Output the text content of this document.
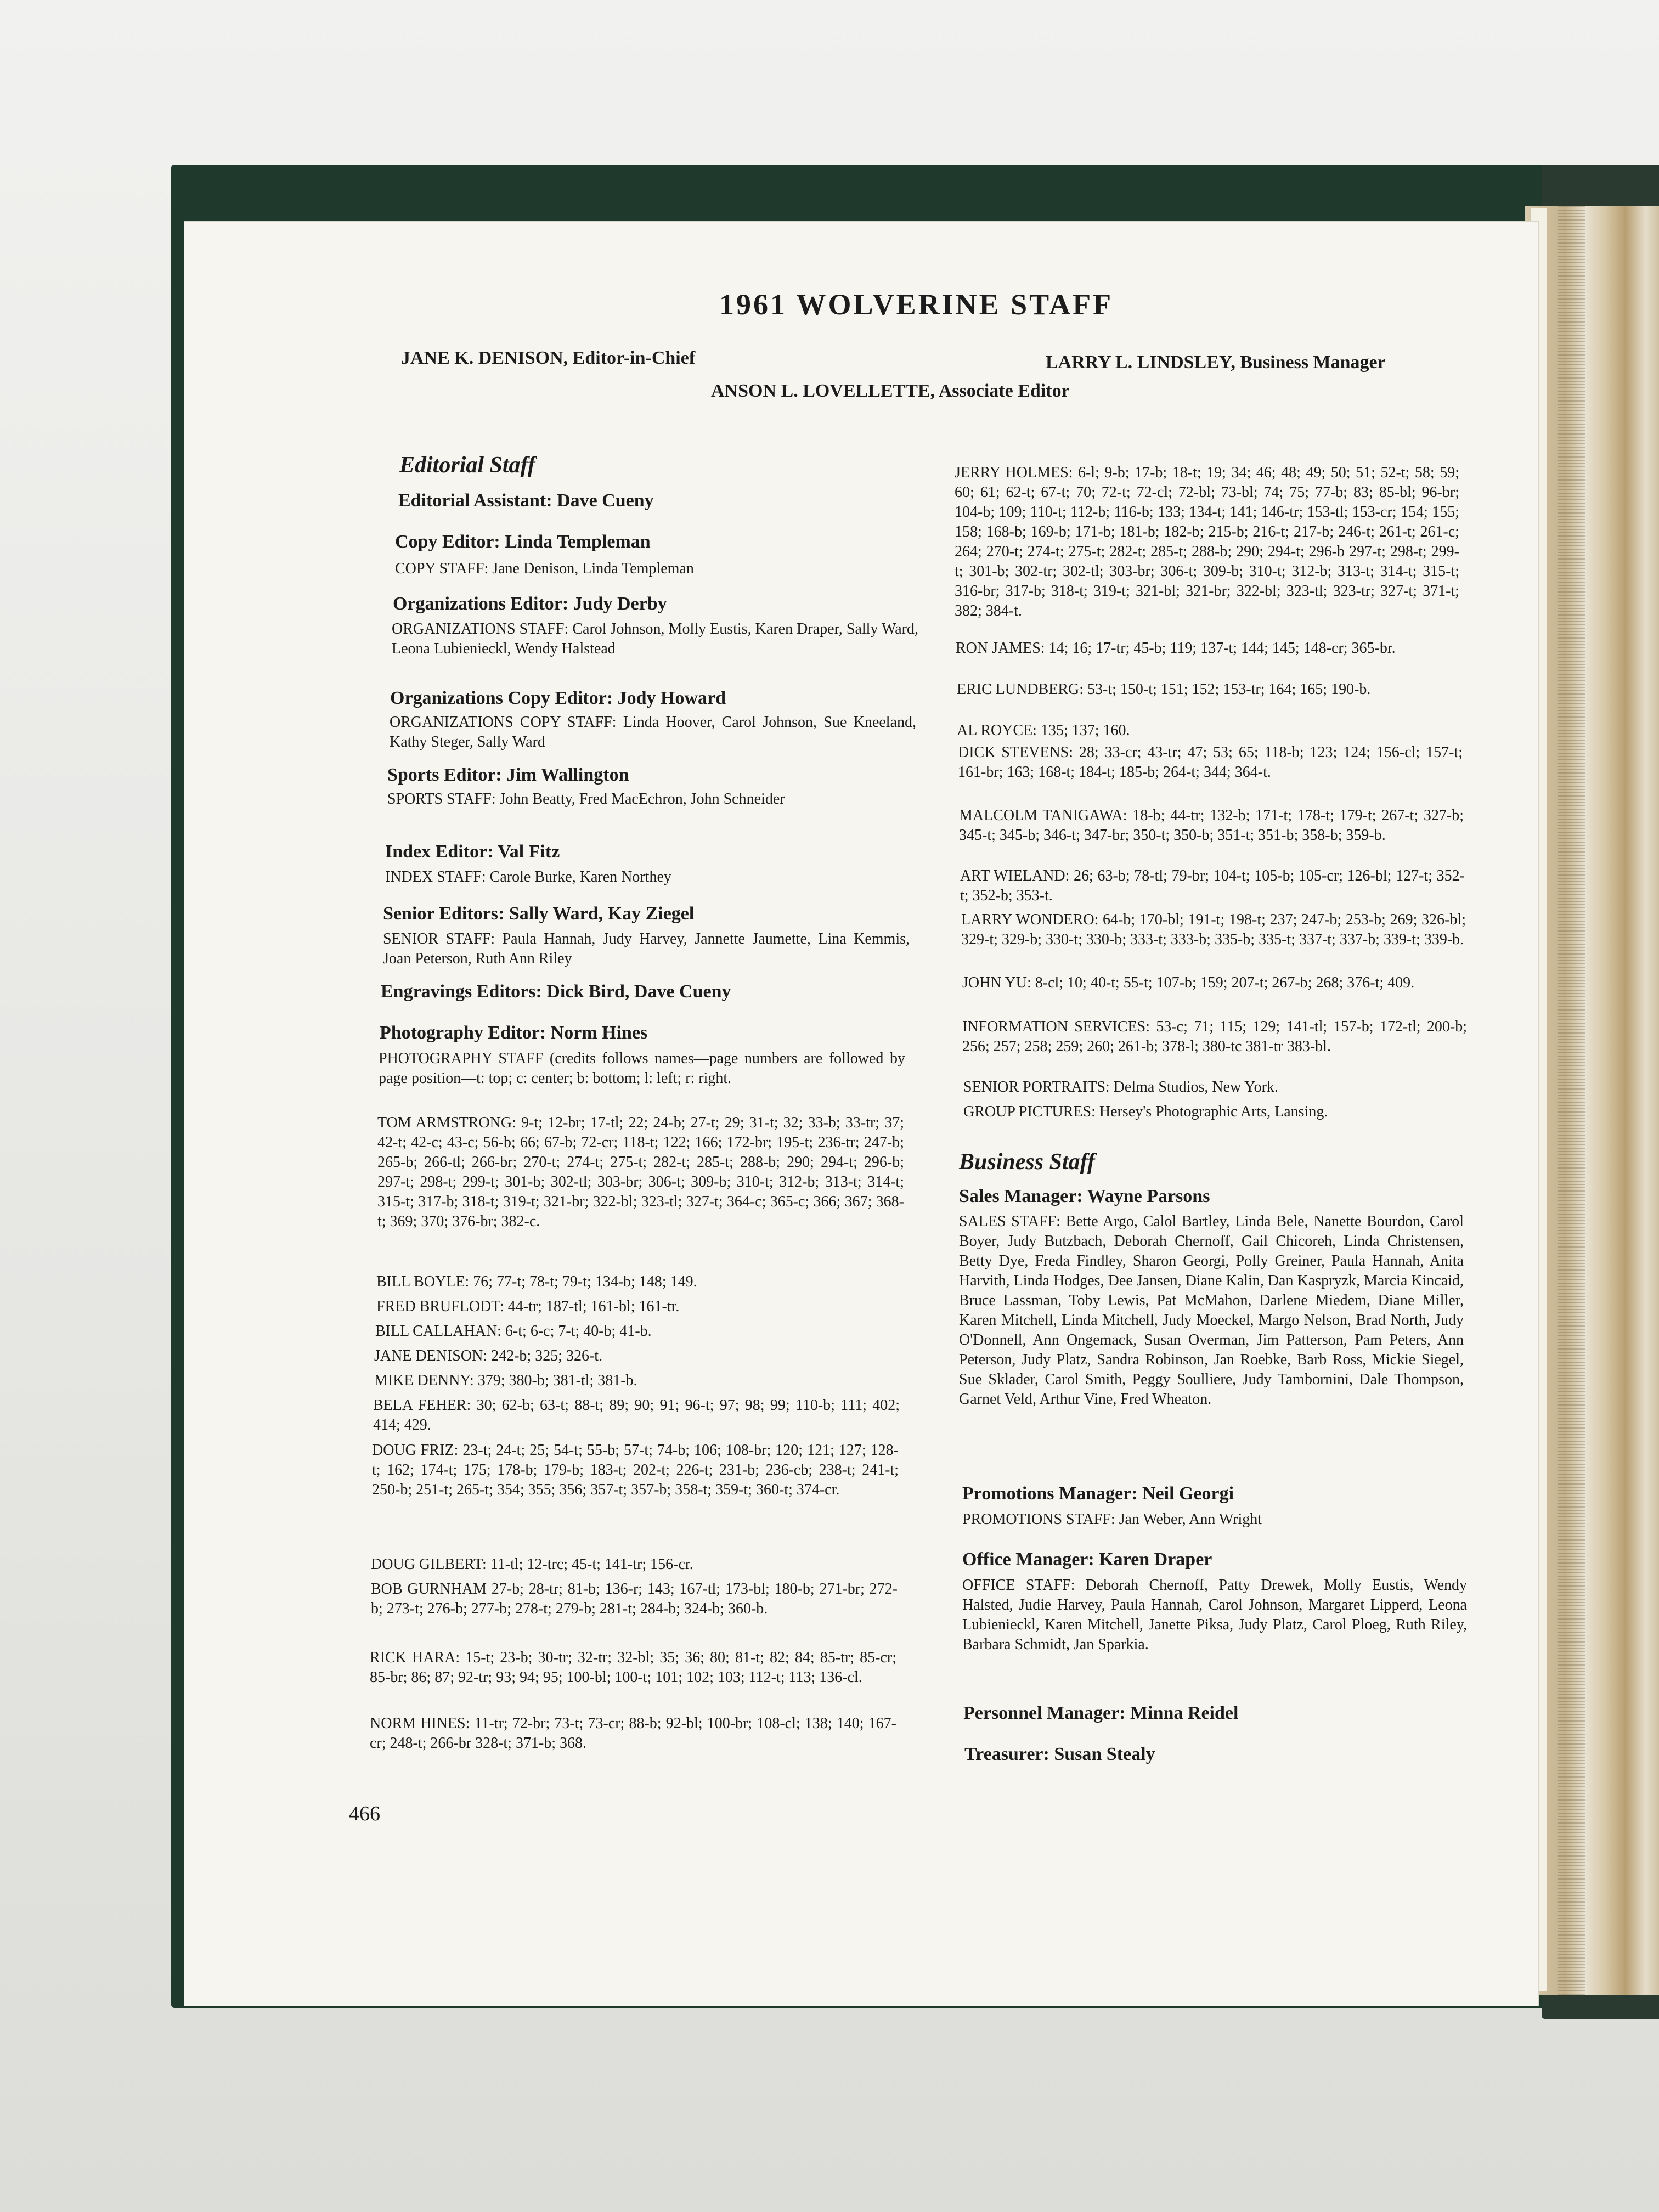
1961 WOLVERINE STAFF
JANE K. DENISON, Editor-in-Chief	LARRY L. LINDSLEY, Business Manager
ANSON L. LOVELLETTE, Associate Editor
Editorial Staff
Editorial Assistant: Dave Cueny
Copy Editor: Linda Templeman
COPY STAFF: Jane Denison, Linda Templeman
Organizations Editor: Judy Derby
ORGANIZATIONS STAFF: Carol Johnson, Molly Eustis, Karen Draper, Sally Ward, Leona Lubienieckl, Wendy Halstead
Organizations Copy Editor: Jody Howard
ORGANIZATIONS COPY STAFF: Linda Hoover, Carol Johnson, Sue Kneeland, Kathy Steger, Sally Ward
Sports Editor: Jim Wallington
SPORTS STAFF: John Beatty, Fred MacEchron, John Schneider
Index Editor: Val Fitz
INDEX STAFF: Carole Burke, Karen Northey
Senior Editors: Sally Ward, Kay Ziegel
SENIOR STAFF: Paula Hannah, Judy Harvey, Jannette Jaumette, Lina Kemmis, Joan Peterson, Ruth Ann Riley
Engravings Editors: Dick Bird, Dave Cueny
Photography Editor: Norm Hines
PHOTOGRAPHY STAFF (credits follows names—page numbers are followed by page position—t: top; c: center; b: bottom; l: left; r: right.
TOM ARMSTRONG: 9-t; 12-br; 17-tl; 22; 24-b; 27-t; 29; 31-t; 32; 33-b; 33-tr; 37; 42-t; 42-c; 43-c; 56-b; 66; 67-b; 72-cr; 118-t; 122; 166; 172-br; 195-t; 236-tr; 247-b; 265-b; 266-tl; 266-br; 270-t; 274-t; 275-t; 282-t; 285-t; 288-b; 290; 294-t; 296-b; 297-t; 298-t; 299-t; 301-b; 302-tl; 303-br; 306-t; 309-b; 310-t; 312-b; 313-t; 314-t; 315-t; 317-b; 318-t; 319-t; 321-br; 322-bl; 323-tl; 327-t; 364-c; 365-c; 366; 367; 368-t; 369; 370; 376-br; 382-c.
BILL BOYLE: 76; 77-t; 78-t; 79-t; 134-b; 148; 149.
FRED BRUFLODT: 44-tr; 187-tl; 161-bl; 161-tr.
BILL CALLAHAN: 6-t; 6-c; 7-t; 40-b; 41-b.
JANE DENISON: 242-b; 325; 326-t.
MIKE DENNY: 379; 380-b; 381-tl; 381-b.
BELA FEHER: 30; 62-b; 63-t; 88-t; 89; 90; 91; 96-t; 97; 98; 99; 110-b; 111; 402; 414; 429.
DOUG FRIZ: 23-t; 24-t; 25; 54-t; 55-b; 57-t; 74-b; 106; 108-br; 120; 121; 127; 128-t; 162; 174-t; 175; 178-b; 179-b; 183-t; 202-t; 226-t; 231-b; 236-cb; 238-t; 241-t; 250-b; 251-t; 265-t; 354; 355; 356; 357-t; 357-b; 358-t; 359-t; 360-t; 374-cr.
DOUG GILBERT: 11-tl; 12-trc; 45-t; 141-tr; 156-cr.
BOB GURNHAM 27-b; 28-tr; 81-b; 136-r; 143; 167-tl; 173-bl; 180-b; 271-br; 272-b; 273-t; 276-b; 277-b; 278-t; 279-b; 281-t; 284-b; 324-b; 360-b.
RICK HARA: 15-t; 23-b; 30-tr; 32-tr; 32-bl; 35; 36; 80; 81-t; 82; 84; 85-tr; 85-cr; 85-br; 86; 87; 92-tr; 93; 94; 95; 100-bl; 100-t; 101; 102; 103; 112-t; 113; 136-cl.
NORM HINES: 11-tr; 72-br; 73-t; 73-cr; 88-b; 92-bl; 100-br; 108-cl; 138; 140; 167-cr; 248-t; 266-br 328-t; 371-b; 368.
466
JERRY HOLMES: 6-l; 9-b; 17-b; 18-t; 19; 34; 46; 48; 49; 50; 51; 52-t; 58; 59; 60; 61; 62-t; 67-t; 70; 72-t; 72-cl; 72-bl; 73-bl; 74; 75; 77-b; 83; 85-bl; 96-br; 104-b; 109; 110-t; 112-b; 116-b; 133; 134-t; 141; 146-tr; 153-tl; 153-cr; 154; 155; 158; 168-b; 169-b; 171-b; 181-b; 182-b; 215-b; 216-t; 217-b; 246-t; 261-t; 261-c; 264; 270-t; 274-t; 275-t; 282-t; 285-t; 288-b; 290; 294-t; 296-b 297-t; 298-t; 299-t; 301-b; 302-tr; 302-tl; 303-br; 306-t; 309-b; 310-t; 312-b; 313-t; 314-t; 315-t; 316-br; 317-b; 318-t; 319-t; 321-bl; 321-br; 322-bl; 323-tl; 323-tr; 327-t; 371-t; 382; 384-t.
RON JAMES: 14; 16; 17-tr; 45-b; 119; 137-t; 144; 145; 148-cr; 365-br.
ERIC LUNDBERG: 53-t; 150-t; 151; 152; 153-tr; 164; 165; 190-b.
AL ROYCE: 135; 137; 160.
DICK STEVENS: 28; 33-cr; 43-tr; 47; 53; 65; 118-b; 123; 124; 156-cl; 157-t; 161-br; 163; 168-t; 184-t; 185-b; 264-t; 344; 364-t.
MALCOLM TANIGAWA: 18-b; 44-tr; 132-b; 171-t; 178-t; 179-t; 267-t; 327-b; 345-t; 345-b; 346-t; 347-br; 350-t; 350-b; 351-t; 351-b; 358-b; 359-b.
ART WIELAND: 26; 63-b; 78-tl; 79-br; 104-t; 105-b; 105-cr; 126-bl; 127-t; 352-t; 352-b; 353-t.
LARRY WONDERO: 64-b; 170-bl; 191-t; 198-t; 237; 247-b; 253-b; 269; 326-bl; 329-t; 329-b; 330-t; 330-b; 333-t; 333-b; 335-b; 335-t; 337-t; 337-b; 339-t; 339-b.
JOHN YU: 8-cl; 10; 40-t; 55-t; 107-b; 159; 207-t; 267-b; 268; 376-t; 409.
INFORMATION SERVICES: 53-c; 71; 115; 129; 141-tl; 157-b; 172-tl; 200-b; 256; 257; 258; 259; 260; 261-b; 378-l; 380-tc 381-tr 383-bl.
SENIOR PORTRAITS: Delma Studios, New York.
GROUP PICTURES: Hersey's Photographic Arts, Lansing.
Business Staff
Sales Manager: Wayne Parsons
SALES STAFF: Bette Argo, Calol Bartley, Linda Bele, Nanette Bourdon, Carol Boyer, Judy Butzbach, Deborah Chernoff, Gail Chicoreh, Linda Christensen, Betty Dye, Freda Findley, Sharon Georgi, Polly Greiner, Paula Hannah, Anita Harvith, Linda Hodges, Dee Jansen, Diane Kalin, Dan Kaspryzk, Marcia Kincaid, Bruce Lassman, Toby Lewis, Pat McMahon, Darlene Miedem, Diane Miller, Karen Mitchell, Linda Mitchell, Judy Moeckel, Margo Nelson, Brad North, Judy O'Donnell, Ann Ongemack, Susan Overman, Jim Patterson, Pam Peters, Ann Peterson, Judy Platz, Sandra Robinson, Jan Roebke, Barb Ross, Mickie Siegel, Sue Sklader, Carol Smith, Peggy Soulliere, Judy Tambornini, Dale Thompson, Garnet Veld, Arthur Vine, Fred Wheaton.
Promotions Manager: Neil Georgi
PROMOTIONS STAFF: Jan Weber, Ann Wright
Office Manager: Karen Draper
OFFICE STAFF: Deborah Chernoff, Patty Drewek, Molly Eustis, Wendy Halsted, Judie Harvey, Paula Hannah, Carol Johnson, Margaret Lipperd, Leona Lubienieckl, Karen Mitchell, Janette Piksa, Judy Platz, Carol Ploeg, Ruth Riley, Barbara Schmidt, Jan Sparkia.
Personnel Manager: Minna Reidel
Treasurer: Susan Stealy
